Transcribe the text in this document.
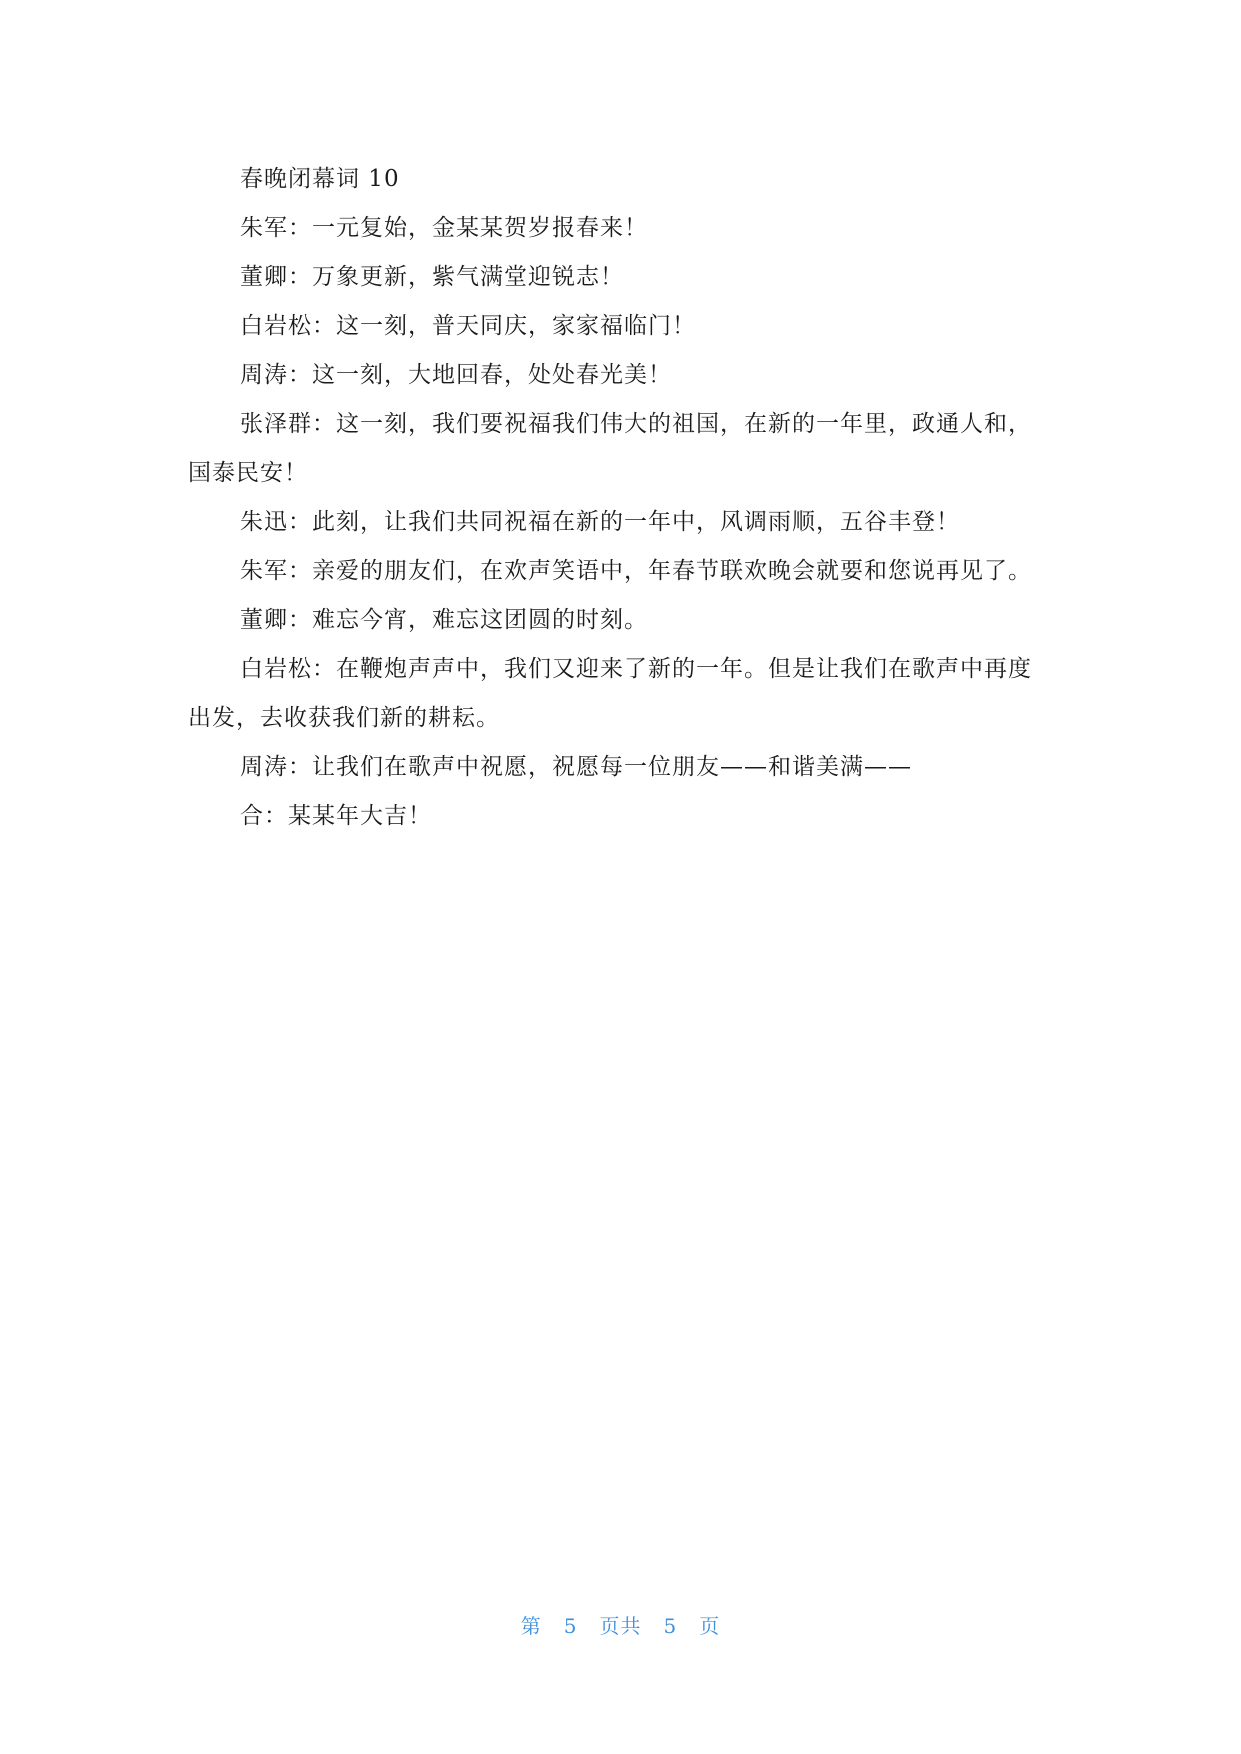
春晚闭幕词 10

朱军：一元复始，金某某贺岁报春来！

董卿：万象更新，紫气满堂迎锐志！

白岩松：这一刻，普天同庆，家家福临门！

周涛：这一刻，大地回春，处处春光美！

张泽群：这一刻，我们要祝福我们伟大的祖国，在新的一年里，政通人和，国泰民安！

朱迅：此刻，让我们共同祝福在新的一年中，风调雨顺，五谷丰登！

朱军：亲爱的朋友们，在欢声笑语中，年春节联欢晚会就要和您说再见了。

董卿：难忘今宵，难忘这团圆的时刻。

白岩松：在鞭炮声声中，我们又迎来了新的一年。但是让我们在歌声中再度出发，去收获我们新的耕耘。

周涛：让我们在歌声中祝愿，祝愿每一位朋友——和谐美满——

合：某某年大吉！

第 5 页共 5 页
